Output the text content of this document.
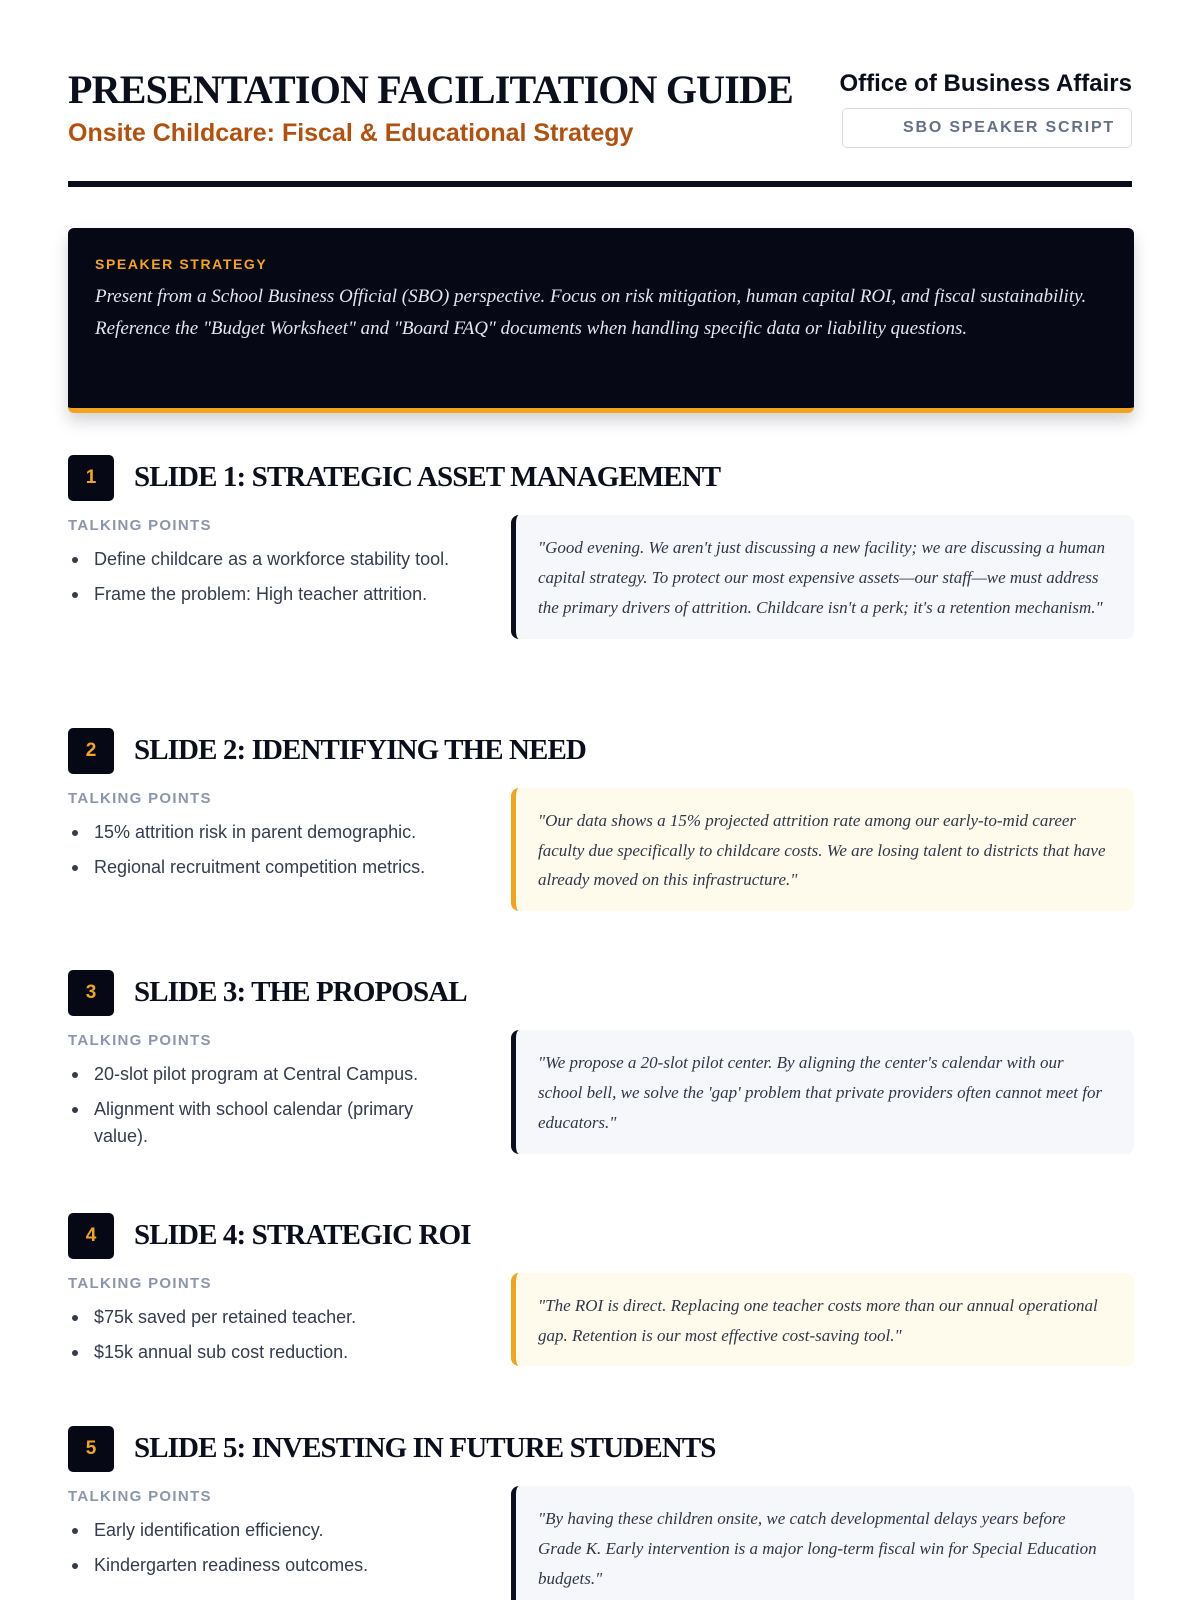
PRESENTATION FACILITATION GUIDE
Onsite Childcare: Fiscal & Educational Strategy
Office of Business Affairs
SBO SPEAKER SCRIPT
SPEAKER STRATEGY

Present from a School Business Official (SBO) perspective. Focus on risk mitigation, human capital ROI, and fiscal sustainability. Reference the "Budget Worksheet" and "Board FAQ" documents when handling specific data or liability questions.

1	SLIDE 1: STRATEGIC ASSET MANAGEMENT
TALKING POINTS
Define childcare as a workforce stability tool.
Frame the problem: High teacher attrition.
"Good evening. We aren't just discussing a new facility; we are discussing a human capital strategy. To protect our most expensive assets—our staff—we must address the primary drivers of attrition. Childcare isn't a perk; it's a retention mechanism."
2	SLIDE 2: IDENTIFYING THE NEED
TALKING POINTS
15% attrition risk in parent demographic.
Regional recruitment competition metrics.
"Our data shows a 15% projected attrition rate among our early-to-mid career faculty due specifically to childcare costs. We are losing talent to districts that have already moved on this infrastructure."
3	SLIDE 3: THE PROPOSAL
TALKING POINTS
20-slot pilot program at Central Campus.
Alignment with school calendar (primary value).
"We propose a 20-slot pilot center. By aligning the center's calendar with our school bell, we solve the 'gap' problem that private providers often cannot meet for educators."
4	SLIDE 4: STRATEGIC ROI
TALKING POINTS
$75k saved per retained teacher.
$15k annual sub cost reduction.
"The ROI is direct. Replacing one teacher costs more than our annual operational gap. Retention is our most effective cost-saving tool."
5	SLIDE 5: INVESTING IN FUTURE STUDENTS
TALKING POINTS
Early identification efficiency.
Kindergarten readiness outcomes.
"By having these children onsite, we catch developmental delays years before Grade K. Early intervention is a major long-term fiscal win for Special Education budgets."
